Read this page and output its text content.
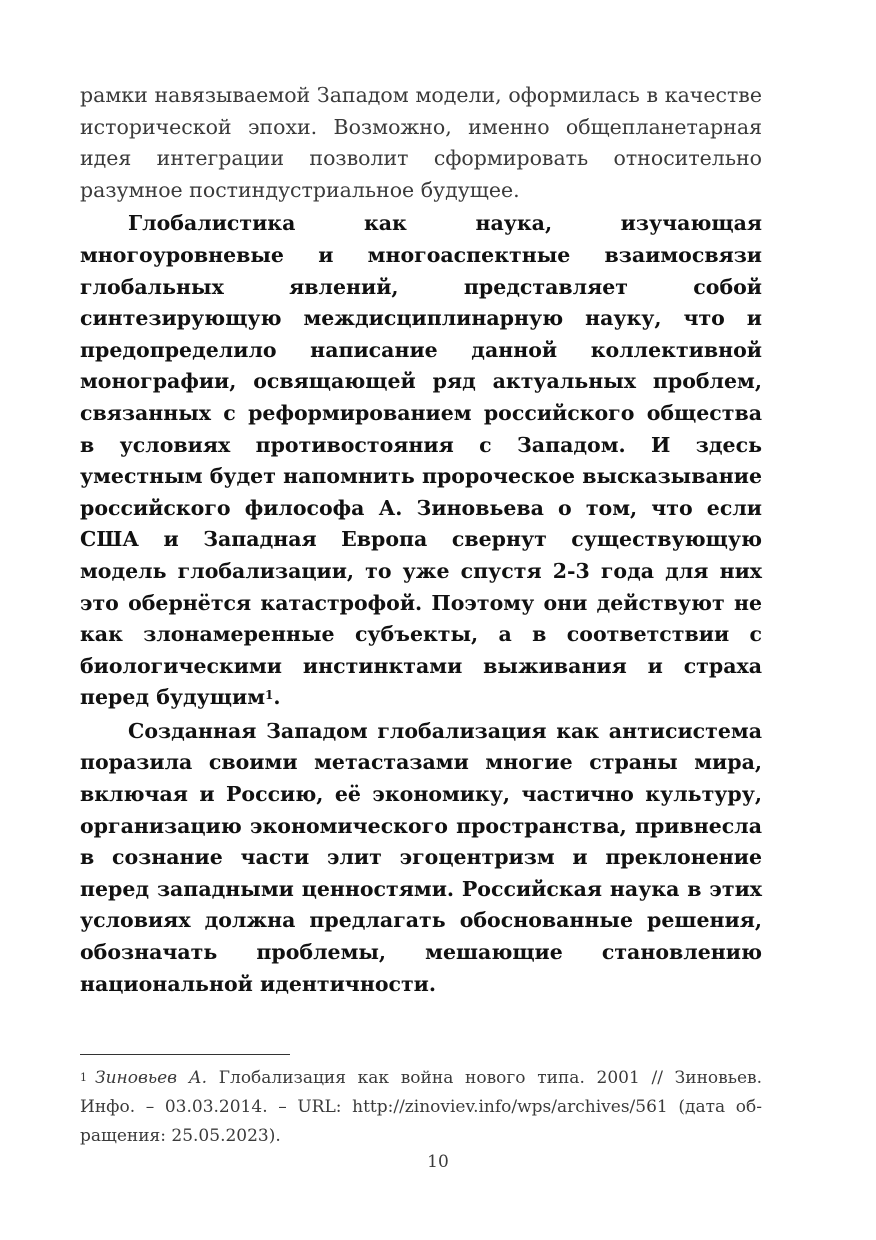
рамки навязываемой Западом модели, оформилась в качестве исторической эпохи. Возможно, именно общепланетарная идея интеграции позволит сформировать относительно разумное постиндустриальное будущее.

Глобалистика как наука, изучающая многоуровневые и многоаспектные взаимосвязи глобальных явлений, представляет собой синтезирующую междисциплинарную науку, что и предопределило написание данной коллективной монографии, освящающей ряд актуальных проблем, связанных с реформированием российского общества в условиях противостояния с Западом. И здесь уместным будет напомнить пророческое высказывание российского философа А. Зиновьева о том, что если США и Западная Европа свернут существующую модель глобализации, то уже спустя 2-3 года для них это обернётся катастрофой. Поэтому они действуют не как злонамеренные субъекты, а в соответствии с биологическими инстинктами выживания и страха перед будущим$^1$.

Созданная Западом глобализация как антисистема поразила своими метастазами многие страны мира, включая и Россию, её экономику, частично культуру, организацию экономического пространства, привнесла в сознание части элит эгоцентризм и преклонение перед западными ценностями. Российская наука в этих условиях должна предлагать обоснованные решения, обозначать проблемы, мешающие становлению национальной идентичности.

$^1$ Зиновьев А. Глобализация как война нового типа. 2001 // Зиновьев. Инфо. – 03.03.2014. – URL: http://zinoviev.info/wps/archives/561 (дата обращения: 25.05.2023).

10
